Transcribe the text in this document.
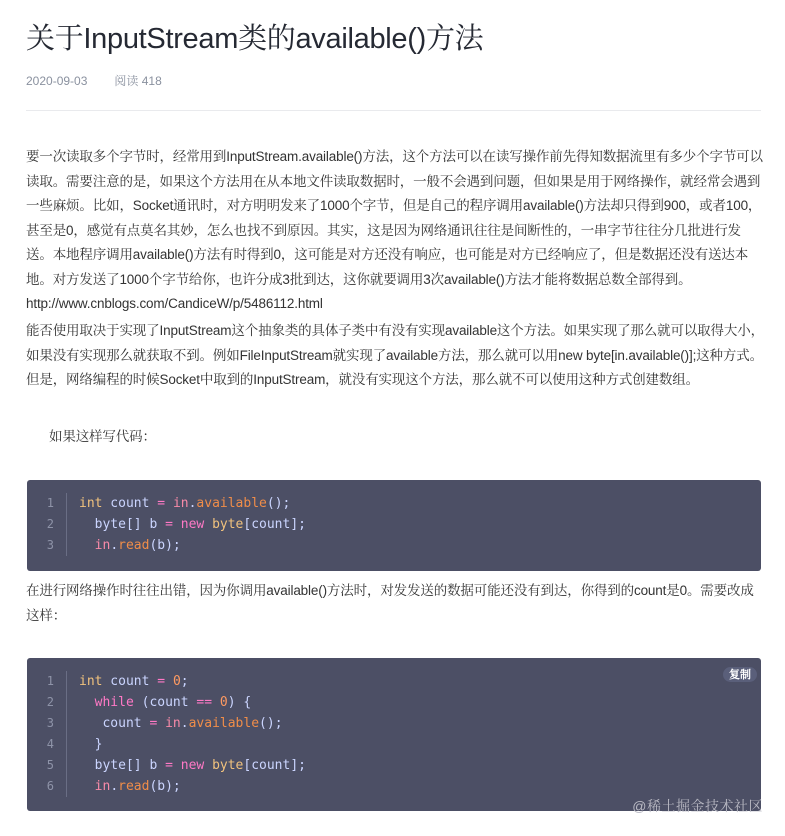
关于InputStream类的available()方法
2020-09-03 阅读 418

要一次读取多个字节时，经常用到InputStream.available()方法，这个方法可以在读写操作前先得知数据流里有多少个字节可以读取。需要注意的是，如果这个方法用在从本地文件读取数据时，一般不会遇到问题，但如果是用于网络操作，就经常会遇到一些麻烦。比如，Socket通讯时，对方明明发来了1000个字节，但是自己的程序调用available()方法却只得到900，或者100，甚至是0，感觉有点莫名其妙，怎么也找不到原因。其实，这是因为网络通讯往往是间断性的，一串字节往往分几批进行发送。本地程序调用available()方法有时得到0，这可能是对方还没有响应，也可能是对方已经响应了，但是数据还没有送达本地。对方发送了1000个字节给你，也许分成3批到达，这你就要调用3次available()方法才能将数据总数全部得到。 http://www.cnblogs.com/CandiceW/p/5486112.html

能否使用取决于实现了InputStream这个抽象类的具体子类中有没有实现available这个方法。如果实现了那么就可以取得大小，如果没有实现那么就获取不到。例如FileInputStream就实现了available方法，那么就可以用new byte[in.available()];这种方式。但是，网络编程的时候Socket中取到的InputStream，就没有实现这个方法，那么就不可以使用这种方式创建数组。

如果这样写代码：

1	int count = in.available();
2	byte[] b = new byte[count];
3	in.read(b);

在进行网络操作时往往出错，因为你调用available()方法时，对发发送的数据可能还没有到达，你得到的count是0。需要改成这样：

复制
1	int count = 0;
2	while (count == 0) {
3	count = in.available();
4	}
5	byte[] b = new byte[count];
6	in.read(b);
@稀土掘金技术社区
